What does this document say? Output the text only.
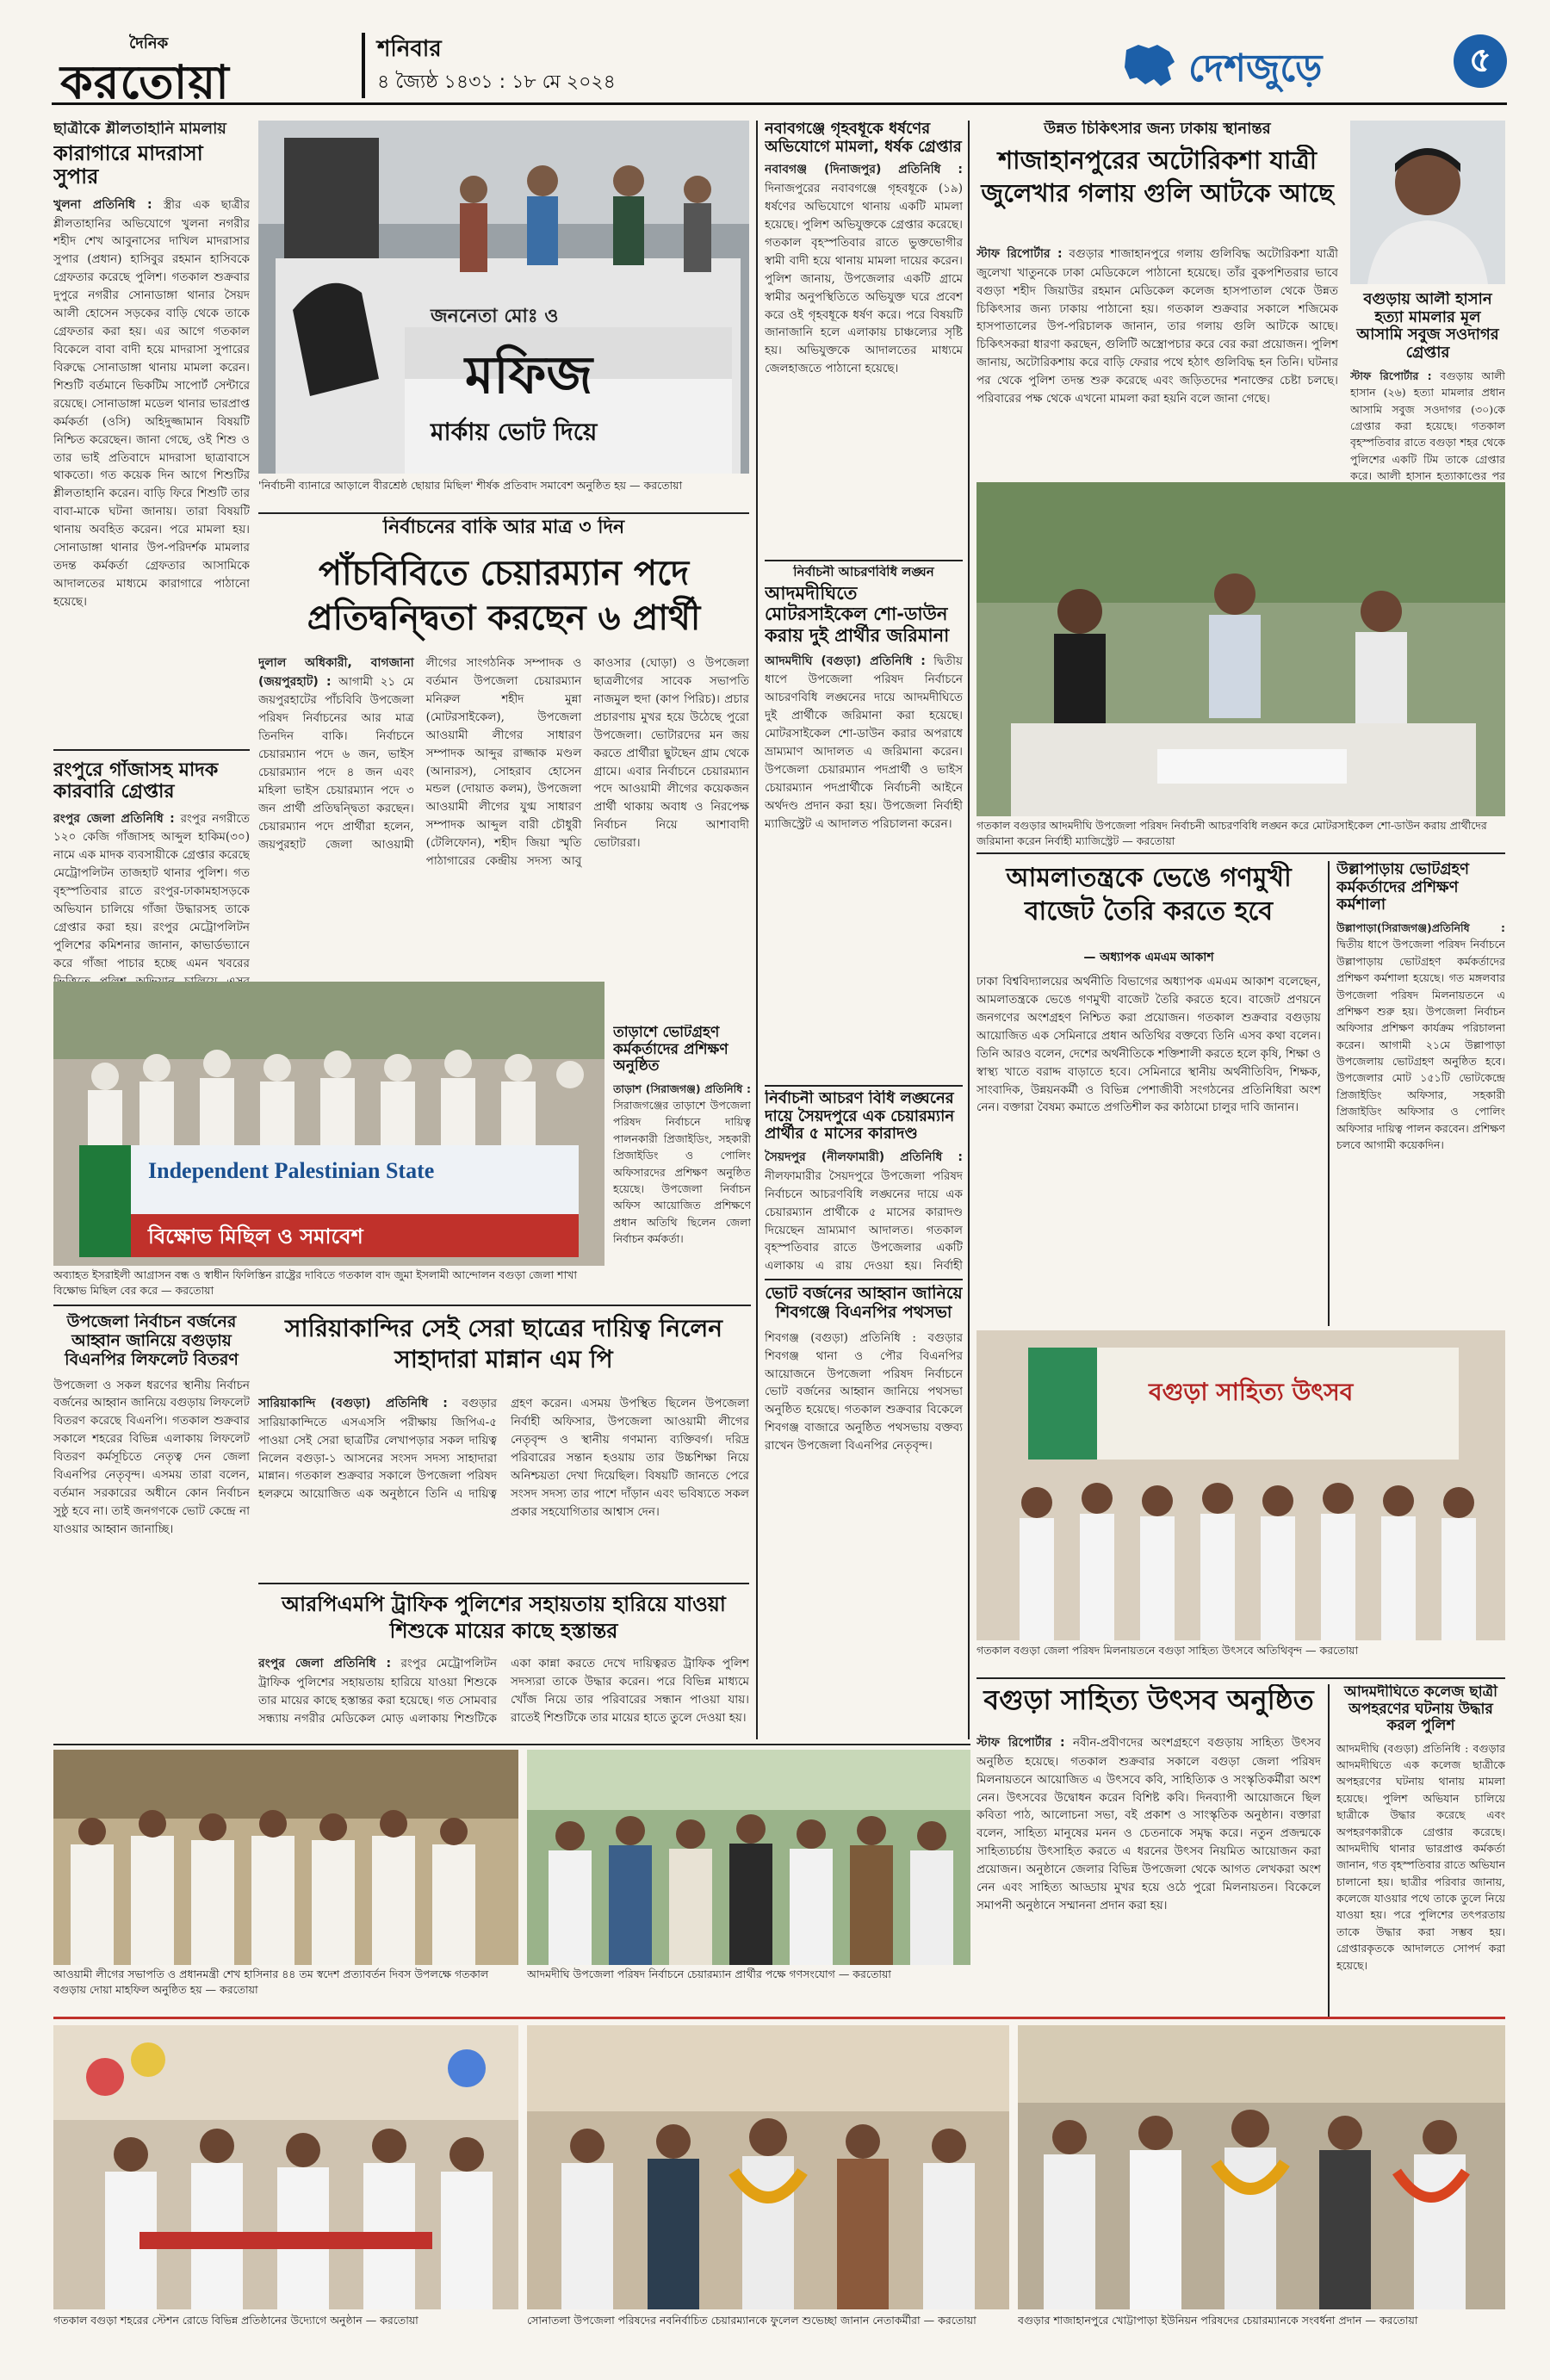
দৈনিক
করতোয়া
শনিবার
৪ জ্যৈষ্ঠ ১৪৩১ : ১৮ মে ২০২৪	দেশজুড়ে	৫
ছাত্রীকে শ্লীলতাহানি মামলায়
কারাগারে মাদরাসা সুপার
খুলনা প্রতিনিধি : স্ত্রীর এক ছাত্রীর শ্লীলতাহানির অভিযোগে খুলনা নগরীর শহীদ শেখ আবুনাসের দাখিল মাদরাসার সুপার (প্রধান) হাসিবুর রহমান হাসিবকে গ্রেফতার করেছে পুলিশ। গতকাল শুক্রবার দুপুরে নগরীর সোনাডাঙ্গা থানার সৈয়দ আলী হোসেন সড়কের বাড়ি থেকে তাকে গ্রেফতার করা হয়। এর আগে গতকাল বিকেলে বাবা বাদী হয়ে মাদরাসা সুপারের বিরুদ্ধে সোনাডাঙ্গা থানায় মামলা করেন। শিশুটি বর্তমানে ভিকটিম সাপোর্ট সেন্টারে রয়েছে। সোনাডাঙ্গা মডেল থানার ভারপ্রাপ্ত কর্মকর্তা (ওসি) অহিদুজ্জামান বিষয়টি নিশ্চিত করেছেন। জানা গেছে, ওই শিশু ও তার ভাই প্রতিবাদে মাদরাসা ছাত্রাবাসে থাকতো। গত কয়েক দিন আগে শিশুটির শ্লীলতাহানি করেন। বাড়ি ফিরে শিশুটি তার বাবা-মাকে ঘটনা জানায়। তারা বিষয়টি থানায় অবহিত করেন। পরে মামলা হয়। সোনাডাঙ্গা থানার উপ-পরিদর্শক মামলার তদন্ত কর্মকর্তা গ্রেফতার আসামিকে আদালতের মাধ্যমে কারাগারে পাঠানো হয়েছে।
রংপুরে গাঁজাসহ মাদক কারবারি গ্রেপ্তার
রংপুর জেলা প্রতিনিধি : রংপুর নগরীতে ১২০ কেজি গাঁজাসহ আব্দুল হাকিম(৩০) নামে এক মাদক ব্যবসায়ীকে গ্রেপ্তার করেছে মেট্রোপলিটন তাজহাট থানার পুলিশ। গত বৃহস্পতিবার রাতে রংপুর-ঢাকামহাসড়কে অভিযান চালিয়ে গাঁজা উদ্ধারসহ তাকে গ্রেপ্তার করা হয়। রংপুর মেট্রোপলিটন পুলিশের কমিশনার জানান, কাভার্ডভ্যানে করে গাঁজা পাচার হচ্ছে এমন খবরের
মফিজ
জননেতা মোঃ ও
মার্কায় ভোট দিয়ে
'নির্বাচনী ব্যানারে আড়ালে বীরশ্রেষ্ঠ ছোয়ার মিছিল' শীর্ষক প্রতিবাদ সমাবেশ অনুষ্ঠিত হয় — করতোয়া
নির্বাচনের বাকি আর মাত্র ৩ দিন
পাঁচবিবিতে চেয়ারম্যান পদে প্রতিদ্বন্দ্বিতা করছেন ৬ প্রার্থী
দুলাল অধিকারী, বাগজানা (জয়পুরহাট) : আগামী ২১ মে জয়পুরহাটের পাঁচবিবি উপজেলা পরিষদ নির্বাচনের আর মাত্র তিনদিন বাকি। নির্বাচনে চেয়ারম্যান পদে ৬ জন, ভাইস চেয়ারম্যান পদে ৪ জন এবং মহিলা ভাইস চেয়ারম্যান পদে ৩ জন প্রার্থী প্রতিদ্বন্দ্বিতা করছেন। চেয়ারম্যান পদে প্রার্থীরা হলেন, জয়পুরহাট জেলা আওয়ামী লীগের সাংগঠনিক সম্পাদক ও বর্তমান উপজেলা চেয়ারম্যান মনিরুল শহীদ মুন্না (মোটরসাইকেল), উপজেলা আওয়ামী লীগের সাধারণ সম্পাদক আব্দুর রাজ্জাক মণ্ডল (আনারস), সোহরাব হোসেন মন্ডল (দোয়াত কলম), উপজেলা আওয়ামী লীগের যুগ্ম সাধারণ সম্পাদক আব্দুল বারী চৌধুরী (টেলিফোন), শহীদ জিয়া স্মৃতি পাঠাগারের কেন্দ্রীয় সদস্য আবু কাওসার (ঘোড়া) ও উপজেলা ছাত্রলীগের সাবেক সভাপতি নাজমুল হুদা (কাপ পিরিচ)। প্রচার প্রচারণায় মুখর হয়ে উঠেছে পুরো উপজেলা। ভোটারদের মন জয় করতে প্রার্থীরা ছুটছেন গ্রাম থেকে গ্রামে। এবার নির্বাচনে চেয়ারম্যান পদে আওয়ামী লীগের কয়েকজন প্রার্থী থাকায় অবাধ ও নিরপেক্ষ নির্বাচন নিয়ে আশাবাদী ভোটাররা।
Independent Palestinian State
বিক্ষোভ মিছিল ও সমাবেশ
অব্যাহত ইসরাইলী আগ্রাসন বন্ধ ও স্বাধীন ফিলিস্তিন রাষ্ট্রের দাবিতে গতকাল বাদ জুমা ইসলামী আন্দোলন বগুড়া জেলা শাখা বিক্ষোভ মিছিল বের করে — করতোয়া
তাড়াশে ভোটগ্রহণ কর্মকর্তাদের প্রশিক্ষণ অনুষ্ঠিত
তাড়াশ (সিরাজগঞ্জ) প্রতিনিধি : সিরাজগঞ্জের তাড়াশে উপজেলা পরিষদ নির্বাচনে দায়িত্ব পালনকারী প্রিজাইডিং, সহকারী প্রিজাইডিং ও পোলিং অফিসারদের প্রশিক্ষণ অনুষ্ঠিত হয়েছে। উপজেলা নির্বাচন অফিস আয়োজিত প্রশিক্ষণে প্রধান অতিথি ছিলেন জেলা নির্বাচন কর্মকর্তা।
উপজেলা নির্বাচন বর্জনের আহ্বান জানিয়ে বগুড়ায় বিএনপির লিফলেট বিতরণ
উপজেলা ও সকল ধরণের স্থানীয় নির্বাচন বর্জনের আহ্বান জানিয়ে বগুড়ায় লিফলেট বিতরণ করেছে বিএনপি। গতকাল শুক্রবার সকালে শহরের বিভিন্ন এলাকায় লিফলেট বিতরণ কর্মসূচিতে নেতৃত্ব দেন জেলা বিএনপির নেতৃবৃন্দ। এসময় তারা বলেন, বর্তমান সরকারের অধীনে কোন নির্বাচন সুষ্ঠু হবে না। তাই জনগণকে ভোট কেন্দ্রে না যাওয়ার আহ্বান জানাচ্ছি।
সারিয়াকান্দির সেই সেরা ছাত্রের দায়িত্ব নিলেন সাহাদারা মান্নান এম পি
সারিয়াকান্দি (বগুড়া) প্রতিনিধি : বগুড়ার সারিয়াকান্দিতে এসএসসি পরীক্ষায় জিপিএ-৫ পাওয়া সেই সেরা ছাত্রটির লেখাপড়ার সকল দায়িত্ব নিলেন বগুড়া-১ আসনের সংসদ সদস্য সাহাদারা মান্নান। গতকাল শুক্রবার সকালে উপজেলা পরিষদ হলরুমে আয়োজিত এক অনুষ্ঠানে তিনি এ দায়িত্ব গ্রহণ করেন। এসময় উপস্থিত ছিলেন উপজেলা নির্বাহী অফিসার, উপজেলা আওয়ামী লীগের নেতৃবৃন্দ ও স্থানীয় গণমান্য ব্যক্তিবর্গ। দরিদ্র পরিবারের সন্তান হওয়ায় তার উচ্চশিক্ষা নিয়ে অনিশ্চয়তা দেখা দিয়েছিল। বিষয়টি জানতে পেরে সংসদ সদস্য তার পাশে দাঁড়ান এবং ভবিষ্যতে সকল প্রকার সহযোগিতার আশ্বাস দেন।
আরপিএমপি ট্রাফিক পুলিশের সহায়তায় হারিয়ে যাওয়া শিশুকে মায়ের কাছে হস্তান্তর
রংপুর জেলা প্রতিনিধি : রংপুর মেট্রোপলিটন ট্রাফিক পুলিশের সহায়তায় হারিয়ে যাওয়া শিশুকে তার মায়ের কাছে হস্তান্তর করা হয়েছে। গত সোমবার সন্ধ্যায় নগরীর মেডিকেল মোড় এলাকায় শিশুটিকে একা কান্না করতে দেখে দায়িত্বরত ট্রাফিক পুলিশ সদস্যরা তাকে উদ্ধার করেন। পরে বিভিন্ন মাধ্যমে খোঁজ নিয়ে তার পরিবারের সন্ধান পাওয়া যায়। রাতেই শিশুটিকে তার মায়ের হাতে তুলে দেওয়া হয়।
নবাবগঞ্জে গৃহবধূকে ধর্ষণের অভিযোগে মামলা, ধর্ষক গ্রেপ্তার
নবাবগঞ্জ (দিনাজপুর) প্রতিনিধি : দিনাজপুরের নবাবগঞ্জে গৃহবধূকে (১৯) ধর্ষণের অভিযোগে থানায় একটি মামলা হয়েছে। পুলিশ অভিযুক্তকে গ্রেপ্তার করেছে। গতকাল বৃহস্পতিবার রাতে ভুক্তভোগীর স্বামী বাদী হয়ে থানায় মামলা দায়ের করেন। পুলিশ জানায়, উপজেলার একটি গ্রামে স্বামীর অনুপস্থিতিতে অভিযুক্ত ঘরে প্রবেশ করে ওই গৃহবধূকে ধর্ষণ করে। পরে বিষয়টি জানাজানি হলে এলাকায় চাঞ্চল্যের সৃষ্টি হয়। অভিযুক্তকে আদালতের মাধ্যমে জেলহাজতে পাঠানো হয়েছে।
নির্বাচনী আচরণবিধি লঙ্ঘন
আদমদীঘিতে মোটরসাইকেল শো-ডাউন করায় দুই প্রার্থীর জরিমানা
আদমদীঘি (বগুড়া) প্রতিনিধি : দ্বিতীয় ধাপে উপজেলা পরিষদ নির্বাচনে আচরণবিধি লঙ্ঘনের দায়ে আদমদীঘিতে দুই প্রার্থীকে জরিমানা করা হয়েছে। মোটরসাইকেল শো-ডাউন করার অপরাধে ভ্রাম্যমাণ আদালত এ জরিমানা করেন। উপজেলা চেয়ারম্যান পদপ্রার্থী ও ভাইস চেয়ারম্যান পদপ্রার্থীকে নির্বাচনী আইনে অর্থদণ্ড প্রদান করা হয়। উপজেলা নির্বাহী ম্যাজিস্ট্রেট এ আদালত পরিচালনা করেন।
নির্বাচনী আচরণ বিধি লঙ্ঘনের দায়ে সৈয়দপুরে এক চেয়ারম্যান প্রার্থীর ৫ মাসের কারাদণ্ড
সৈয়দপুর (নীলফামারী) প্রতিনিধি : নীলফামারীর সৈয়দপুরে উপজেলা পরিষদ নির্বাচনে আচরণবিধি লঙ্ঘনের দায়ে এক চেয়ারম্যান প্রার্থীকে ৫ মাসের কারাদণ্ড দিয়েছেন ভ্রাম্যমাণ আদালত। গতকাল বৃহস্পতিবার রাতে উপজেলার একটি এলাকায় এ রায় দেওয়া হয়। নির্বাহী
ভোট বর্জনের আহ্বান জানিয়ে শিবগঞ্জে বিএনপির পথসভা
শিবগঞ্জ (বগুড়া) প্রতিনিধি : বগুড়ার শিবগঞ্জ থানা ও পৌর বিএনপির আয়োজনে উপজেলা পরিষদ নির্বাচনে ভোট বর্জনের আহ্বান জানিয়ে পথসভা অনুষ্ঠিত হয়েছে। গতকাল শুক্রবার বিকেলে শিবগঞ্জ বাজারে অনুষ্ঠিত পথসভায় বক্তব্য রাখেন উপজেলা বিএনপির নেতৃবৃন্দ।
উন্নত চিকিৎসার জন্য ঢাকায় স্থানান্তর
শাজাহানপুরের অটোরিকশা যাত্রী জুলেখার গলায় গুলি আটকে আছে
স্টাফ রিপোর্টার : বগুড়ার শাজাহানপুরে গলায় গুলিবিদ্ধ অটোরিকশা যাত্রী জুলেখা খাতুনকে ঢাকা মেডিকেলে পাঠানো হয়েছে। তাঁর বুকপশিতরার ভাবে বগুড়া শহীদ জিয়াউর রহমান মেডিকেল কলেজ হাসপাতাল থেকে উন্নত চিকিৎসার জন্য ঢাকায় পাঠানো হয়। গতকাল শুক্রবার সকালে শজিমেক হাসপাতালের উপ-পরিচালক জানান, তার গলায় গুলি আটকে আছে। চিকিৎসকরা ধারণা করছেন, গুলিটি অস্ত্রোপচার করে বের করা প্রয়োজন। পুলিশ জানায়, অটোরিকশায় করে বাড়ি ফেরার পথে হঠাৎ গুলিবিদ্ধ হন তিনি। ঘটনার পর থেকে পুলিশ তদন্ত শুরু করেছে এবং জড়িতদের শনাক্তের চেষ্টা চলছে। পরিবারের পক্ষ থেকে এখনো মামলা করা হয়নি বলে জানা গেছে।
বগুড়ায় আলী হাসান হত্যা মামলার মূল আসামি সবুজ সওদাগর গ্রেপ্তার
স্টাফ রিপোর্টার : বগুড়ায় আলী হাসান (২৬) হত্যা মামলার প্রধান আসামি সবুজ সওদাগর (৩০)কে গ্রেপ্তার করা হয়েছে। গতকাল বৃহস্পতিবার রাতে বগুড়া শহর থেকে পুলিশের একটি টিম তাকে গ্রেপ্তার করে। আলী হাসান হত্যাকাণ্ডের পর
গতকাল বগুড়ার আদমদীঘি উপজেলা পরিষদ নির্বাচনী আচরণবিধি লঙ্ঘন করে মোটরসাইকেল শো-ডাউন করায় প্রার্থীদের জরিমানা করেন নির্বাহী ম্যাজিস্ট্রেট — করতোয়া
আমলাতন্ত্রকে ভেঙে গণমুখী বাজেট তৈরি করতে হবে
— অধ্যাপক এমএম আকাশ
ঢাকা বিশ্ববিদ্যালয়ের অর্থনীতি বিভাগের অধ্যাপক এমএম আকাশ বলেছেন, আমলাতন্ত্রকে ভেঙে গণমুখী বাজেট তৈরি করতে হবে। বাজেট প্রণয়নে জনগণের অংশগ্রহণ নিশ্চিত করা প্রয়োজন। গতকাল শুক্রবার বগুড়ায় আয়োজিত এক সেমিনারে প্রধান অতিথির বক্তব্যে তিনি এসব কথা বলেন। তিনি আরও বলেন, দেশের অর্থনীতিকে শক্তিশালী করতে হলে কৃষি, শিক্ষা ও স্বাস্থ্য খাতে বরাদ্দ বাড়াতে হবে। সেমিনারে স্থানীয় অর্থনীতিবিদ, শিক্ষক, সাংবাদিক, উন্নয়নকর্মী ও বিভিন্ন পেশাজীবী সংগঠনের প্রতিনিধিরা অংশ নেন। বক্তারা বৈষম্য কমাতে প্রগতিশীল কর কাঠামো চালুর দাবি জানান।
উল্লাপাড়ায় ভোটগ্রহণ কর্মকর্তাদের প্রশিক্ষণ কর্মশালা
উল্লাপাড়া(সিরাজগঞ্জ)প্রতিনিধি : দ্বিতীয় ধাপে উপজেলা পরিষদ নির্বাচনে উল্লাপাড়ায় ভোটগ্রহণ কর্মকর্তাদের প্রশিক্ষণ কর্মশালা হয়েছে। গত মঙ্গলবার উপজেলা পরিষদ মিলনায়তনে এ প্রশিক্ষণ শুরু হয়। উপজেলা নির্বাচন অফিসার প্রশিক্ষণ কার্যক্রম পরিচালনা করেন। আগামী ২১মে উল্লাপাড়া উপজেলায় ভোটগ্রহণ অনুষ্ঠিত হবে। উপজেলার মোট ১৫১টি ভোটকেন্দ্রে প্রিজাইডিং অফিসার, সহকারী প্রিজাইডিং অফিসার ও পোলিং অফিসার দায়িত্ব পালন করবেন। প্রশিক্ষণ চলবে আগামী কয়েকদিন।
বগুড়া সাহিত্য উৎসব
গতকাল বগুড়া জেলা পরিষদ মিলনায়তনে বগুড়া সাহিত্য উৎসবে অতিথিবৃন্দ — করতোয়া
বগুড়া সাহিত্য উৎসব অনুষ্ঠিত
স্টাফ রিপোর্টার : নবীন-প্রবীণদের অংশগ্রহণে বগুড়ায় সাহিত্য উৎসব অনুষ্ঠিত হয়েছে। গতকাল শুক্রবার সকালে বগুড়া জেলা পরিষদ মিলনায়তনে আয়োজিত এ উৎসবে কবি, সাহিত্যিক ও সংস্কৃতিকর্মীরা অংশ নেন। উৎসবের উদ্বোধন করেন বিশিষ্ট কবি। দিনব্যাপী আয়োজনে ছিল কবিতা পাঠ, আলোচনা সভা, বই প্রকাশ ও সাংস্কৃতিক অনুষ্ঠান। বক্তারা বলেন, সাহিত্য মানুষের মনন ও চেতনাকে সমৃদ্ধ করে। নতুন প্রজন্মকে সাহিত্যচর্চায় উৎসাহিত করতে এ ধরনের উৎসব নিয়মিত আয়োজন করা প্রয়োজন। অনুষ্ঠানে জেলার বিভিন্ন উপজেলা থেকে আগত লেখকরা অংশ নেন এবং সাহিত্য আড্ডায় মুখর হয়ে ওঠে পুরো মিলনায়তন। বিকেলে সমাপনী অনুষ্ঠানে সম্মাননা প্রদান করা হয়।
আদমদীঘিতে কলেজ ছাত্রী অপহরণের ঘটনায় উদ্ধার করল পুলিশ
আদমদীঘি (বগুড়া) প্রতিনিধি : বগুড়ার আদমদীঘিতে এক কলেজ ছাত্রীকে অপহরণের ঘটনায় থানায় মামলা হয়েছে। পুলিশ অভিযান চালিয়ে ছাত্রীকে উদ্ধার করেছে এবং অপহরণকারীকে গ্রেপ্তার করেছে। আদমদীঘি থানার ভারপ্রাপ্ত কর্মকর্তা জানান, গত বৃহস্পতিবার রাতে অভিযান চালানো হয়। ছাত্রীর পরিবার জানায়, কলেজে যাওয়ার পথে তাকে তুলে নিয়ে যাওয়া হয়। পরে পুলিশের তৎপরতায় তাকে উদ্ধার করা সম্ভব হয়। গ্রেপ্তারকৃতকে আদালতে সোপর্দ করা হয়েছে।
আওয়ামী লীগের সভাপতি ও প্রধানমন্ত্রী শেখ হাসিনার ৪৪ তম স্বদেশ প্রত্যাবর্তন দিবস উপলক্ষে গতকাল বগুড়ায় দোয়া মাহফিল অনুষ্ঠিত হয় — করতোয়া
আদমদীঘি উপজেলা পরিষদ নির্বাচনে চেয়ারম্যান প্রার্থীর পক্ষে গণসংযোগ — করতোয়া
গতকাল বগুড়া শহরের স্টেশন রোডে বিভিন্ন প্রতিষ্ঠানের উদ্যোগে অনুষ্ঠান — করতোয়া	সোনাতলা উপজেলা পরিষদের নবনির্বাচিত চেয়ারম্যানকে ফুলেল শুভেচ্ছা জানান নেতাকর্মীরা — করতোয়া	বগুড়ার শাজাহানপুরে খোট্টাপাড়া ইউনিয়ন পরিষদের চেয়ারম্যানকে সংবর্ধনা প্রদান — করতোয়া
